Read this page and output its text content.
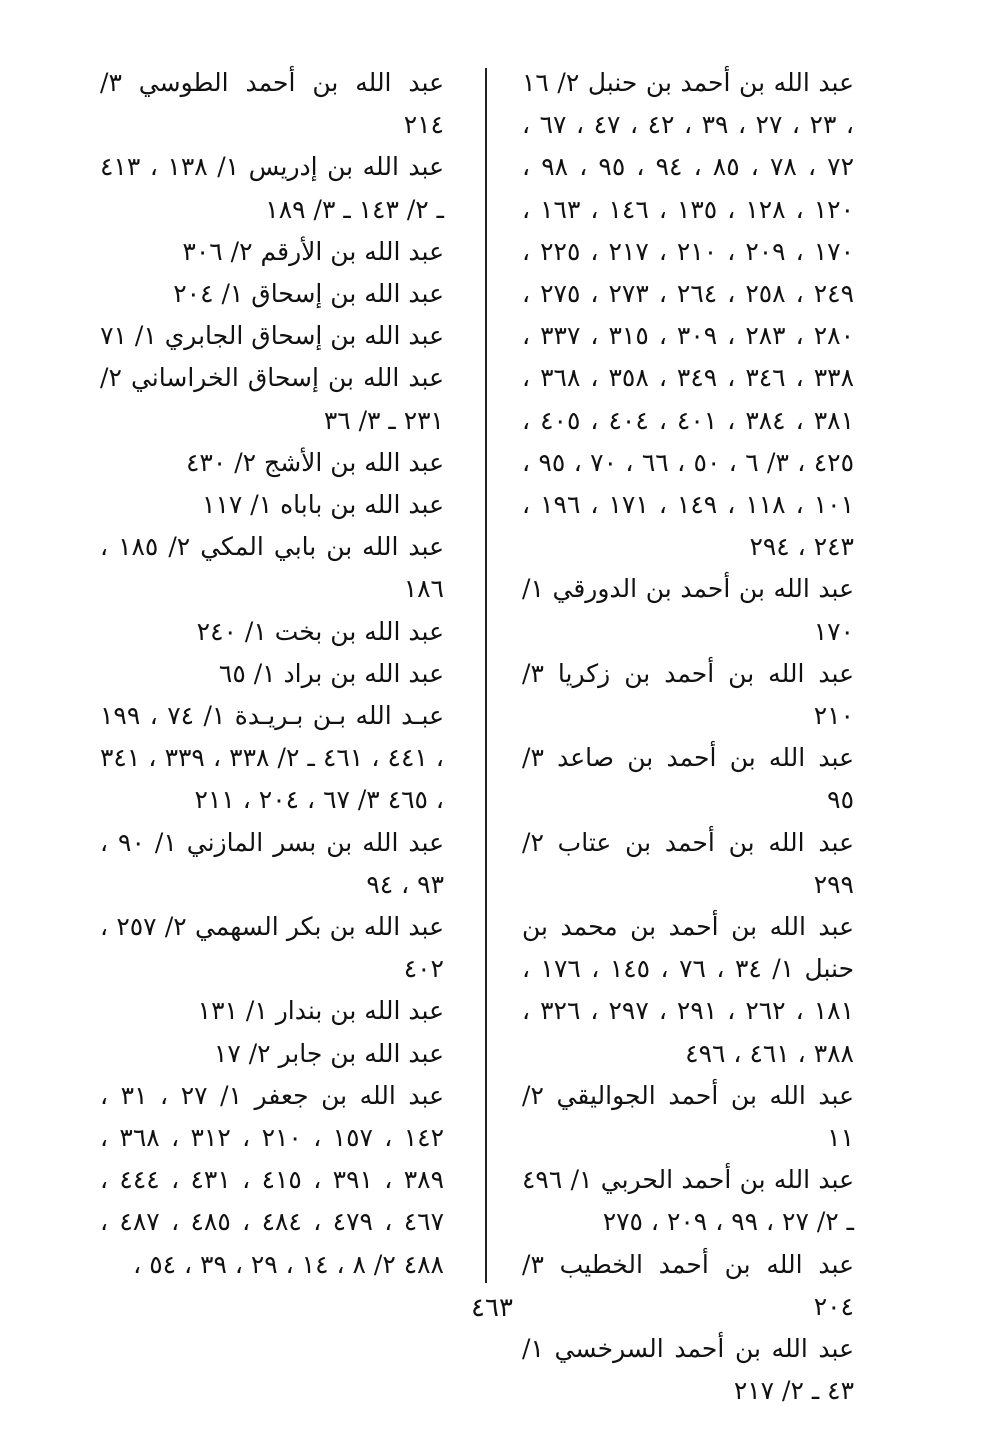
عبد الله بن أحمد بن حنبل ٢/ ١٦ ، ٢٣ ، ٢٧ ، ٣٩ ، ٤٢ ، ٤٧ ، ٦٧ ، ٧٢ ، ٧٨ ، ٨٥ ، ٩٤ ، ٩٥ ، ٩٨ ، ١٢٠ ، ١٢٨ ، ١٣٥ ، ١٤٦ ، ١٦٣ ، ١٧٠ ، ٢٠٩ ، ٢١٠ ، ٢١٧ ، ٢٢٥ ، ٢٤٩ ، ٢٥٨ ، ٢٦٤ ، ٢٧٣ ، ٢٧٥ ، ٢٨٠ ، ٢٨٣ ، ٣٠٩ ، ٣١٥ ، ٣٣٧ ، ٣٣٨ ، ٣٤٦ ، ٣٤٩ ، ٣٥٨ ، ٣٦٨ ، ٣٨١ ، ٣٨٤ ، ٤٠١ ، ٤٠٤ ، ٤٠٥ ، ٤٢٥ ، ٣/ ٦ ، ٥٠ ، ٦٦ ، ٧٠ ، ٩٥ ، ١٠١ ، ١١٨ ، ١٤٩ ، ١٧١ ، ١٩٦ ، ٢٤٣ ، ٢٩٤

عبد الله بن أحمد بن الدورقي ١/ ١٧٠

عبد الله بن أحمد بن زكريا ٣/ ٢١٠

عبد الله بن أحمد بن صاعد ٣/ ٩٥

عبد الله بن أحمد بن عتاب ٢/ ٢٩٩

عبد الله بن أحمد بن محمد بن حنبل ١/ ٣٤ ، ٧٦ ، ١٤٥ ، ١٧٦ ، ١٨١ ، ٢٦٢ ، ٢٩١ ، ٢٩٧ ، ٣٢٦ ، ٣٨٨ ، ٤٦١ ، ٤٩٦

عبد الله بن أحمد الجواليقي ٢/ ١١

عبد الله بن أحمد الحربي ١/ ٤٩٦ ـ ٢/ ٢٧ ، ٩٩ ، ٢٠٩ ، ٢٧٥

عبد الله بن أحمد الخطيب ٣/ ٢٠٤

عبد الله بن أحمد السرخسي ١/ ٤٣ ـ ٢/ ٢١٧

عبد الله بن أحمد الطوسي ٣/ ٢١٤

عبد الله بن إدريس ١/ ١٣٨ ، ٤١٣ ـ ٢/ ١٤٣ ـ ٣/ ١٨٩

عبد الله بن الأرقم ٢/ ٣٠٦

عبد الله بن إسحاق ١/ ٢٠٤

عبد الله بن إسحاق الجابري ١/ ٧١

عبد الله بن إسحاق الخراساني ٢/ ٢٣١ ـ ٣/ ٣٦

عبد الله بن الأشج ٢/ ٤٣٠

عبد الله بن باباه ١/ ١١٧

عبد الله بن بابي المكي ٢/ ١٨٥ ، ١٨٦

عبد الله بن بخت ١/ ٢٤٠

عبد الله بن براد ١/ ٦٥

عبـد الله بـن بـريـدة ١/ ٧٤ ، ١٩٩ ، ٤٤١ ، ٤٦١ ـ ٢/ ٣٣٨ ، ٣٣٩ ، ٣٤١ ، ٤٦٥ ٣/ ٦٧ ، ٢٠٤ ، ٢١١

عبد الله بن بسر المازني ١/ ٩٠ ، ٩٣ ، ٩٤

عبد الله بن بكر السهمي ٢/ ٢٥٧ ، ٤٠٢

عبد الله بن بندار ١/ ١٣١

عبد الله بن جابر ٢/ ١٧

عبد الله بن جعفر ١/ ٢٧ ، ٣١ ، ١٤٢ ، ١٥٧ ، ٢١٠ ، ٣١٢ ، ٣٦٨ ، ٣٨٩ ، ٣٩١ ، ٤١٥ ، ٤٣١ ، ٤٤٤ ، ٤٦٧ ، ٤٧٩ ، ٤٨٤ ، ٤٨٥ ، ٤٨٧ ، ٤٨٨ ٢/ ٨ ، ١٤ ، ٢٩ ، ٣٩ ، ٥٤ ،

٤٦٣
